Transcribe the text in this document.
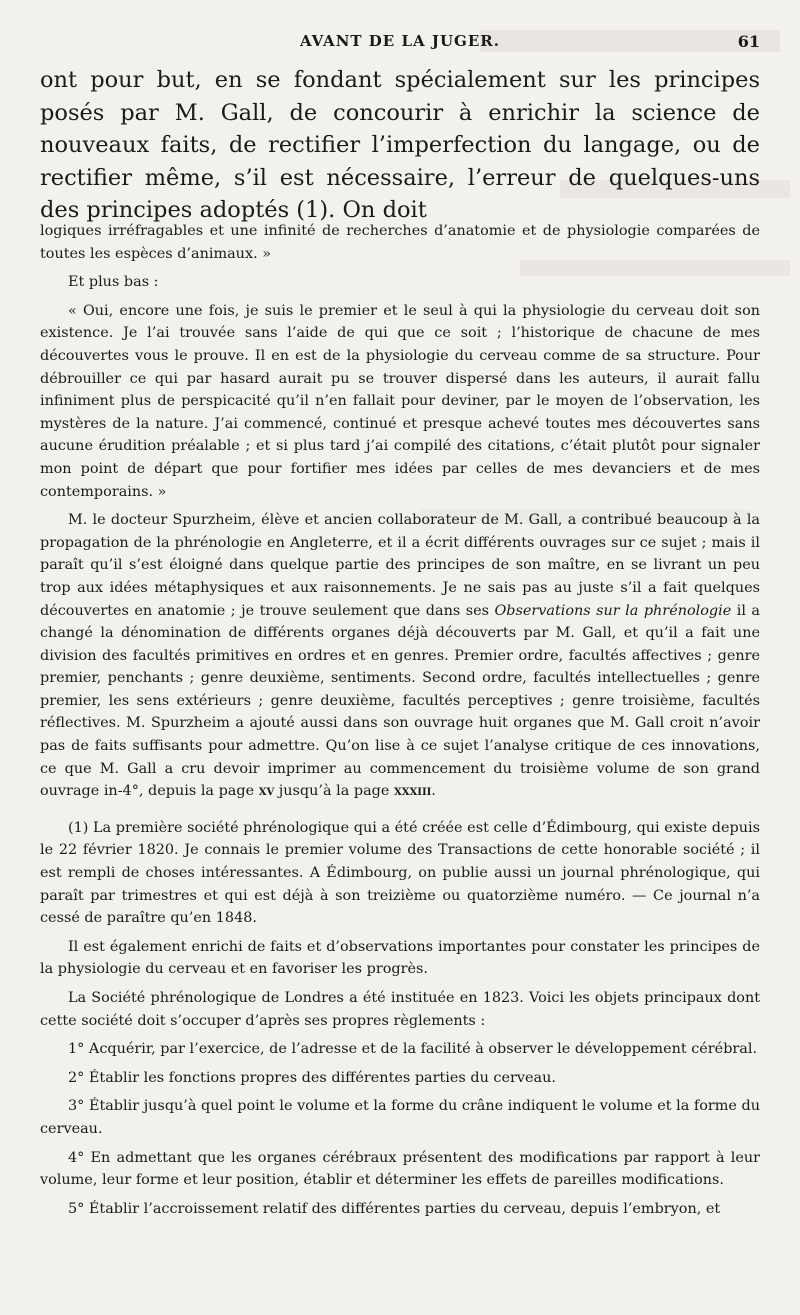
AVANT DE LA JUGER.	61
ont pour but, en se fondant spécialement sur les principes posés par M. Gall, de concourir à enrichir la science de nouveaux faits, de rectifier l’imperfection du langage, ou de rectifier même, s’il est nécessaire, l’erreur de quelques-uns des principes adoptés (1). On doit

logiques irréfragables et une infinité de recherches d’anatomie et de physiologie comparées de toutes les espèces d’animaux. »

Et plus bas :

« Oui, encore une fois, je suis le premier et le seul à qui la physiologie du cerveau doit son existence. Je l’ai trouvée sans l’aide de qui que ce soit ; l’historique de chacune de mes découvertes vous le prouve. Il en est de la physiologie du cerveau comme de sa structure. Pour débrouiller ce qui par hasard aurait pu se trouver dispersé dans les auteurs, il aurait fallu infiniment plus de perspicacité qu’il n’en fallait pour deviner, par le moyen de l’observation, les mystères de la nature. J’ai commencé, continué et presque achevé toutes mes découvertes sans aucune érudition préalable ; et si plus tard j’ai compilé des citations, c’était plutôt pour signaler mon point de départ que pour fortifier mes idées par celles de mes devanciers et de mes contemporains. »

M. le docteur Spurzheim, élève et ancien collaborateur de M. Gall, a contribué beaucoup à la propagation de la phrénologie en Angleterre, et il a écrit différents ouvrages sur ce sujet ; mais il paraît qu’il s’est éloigné dans quelque partie des principes de son maître, en se livrant un peu trop aux idées métaphysiques et aux raisonnements. Je ne sais pas au juste s’il a fait quelques découvertes en anatomie ; je trouve seulement que dans ses Observations sur la phrénologie il a changé la dénomination de différents organes déjà découverts par M. Gall, et qu’il a fait une division des facultés primitives en ordres et en genres. Premier ordre, facultés affectives ; genre premier, penchants ; genre deuxième, sentiments. Second ordre, facultés intellectuelles ; genre premier, les sens extérieurs ; genre deuxième, facultés perceptives ; genre troisième, facultés réflectives. M. Spurzheim a ajouté aussi dans son ouvrage huit organes que M. Gall croit n’avoir pas de faits suffisants pour admettre. Qu’on lise à ce sujet l’analyse critique de ces innovations, ce que M. Gall a cru devoir imprimer au commencement du troisième volume de son grand ouvrage in-4°, depuis la page xv jusqu’à la page xxxiii.

(1) La première société phrénologique qui a été créée est celle d’Édimbourg, qui existe depuis le 22 février 1820. Je connais le premier volume des Transactions de cette honorable société ; il est rempli de choses intéressantes. A Édimbourg, on publie aussi un journal phrénologique, qui paraît par trimestres et qui est déjà à son treizième ou quatorzième numéro. — Ce journal n’a cessé de paraître qu’en 1848.

Il est également enrichi de faits et d’observations importantes pour constater les principes de la physiologie du cerveau et en favoriser les progrès.

La Société phrénologique de Londres a été instituée en 1823. Voici les objets principaux dont cette société doit s’occuper d’après ses propres règlements :

1° Acquérir, par l’exercice, de l’adresse et de la facilité à observer le développement cérébral.

2° Établir les fonctions propres des différentes parties du cerveau.

3° Établir jusqu’à quel point le volume et la forme du crâne indiquent le volume et la forme du cerveau.

4° En admettant que les organes cérébraux présentent des modifications par rapport à leur volume, leur forme et leur position, établir et déterminer les effets de pareilles modifications.

5° Établir l’accroissement relatif des différentes parties du cerveau, depuis l’embryon, et
